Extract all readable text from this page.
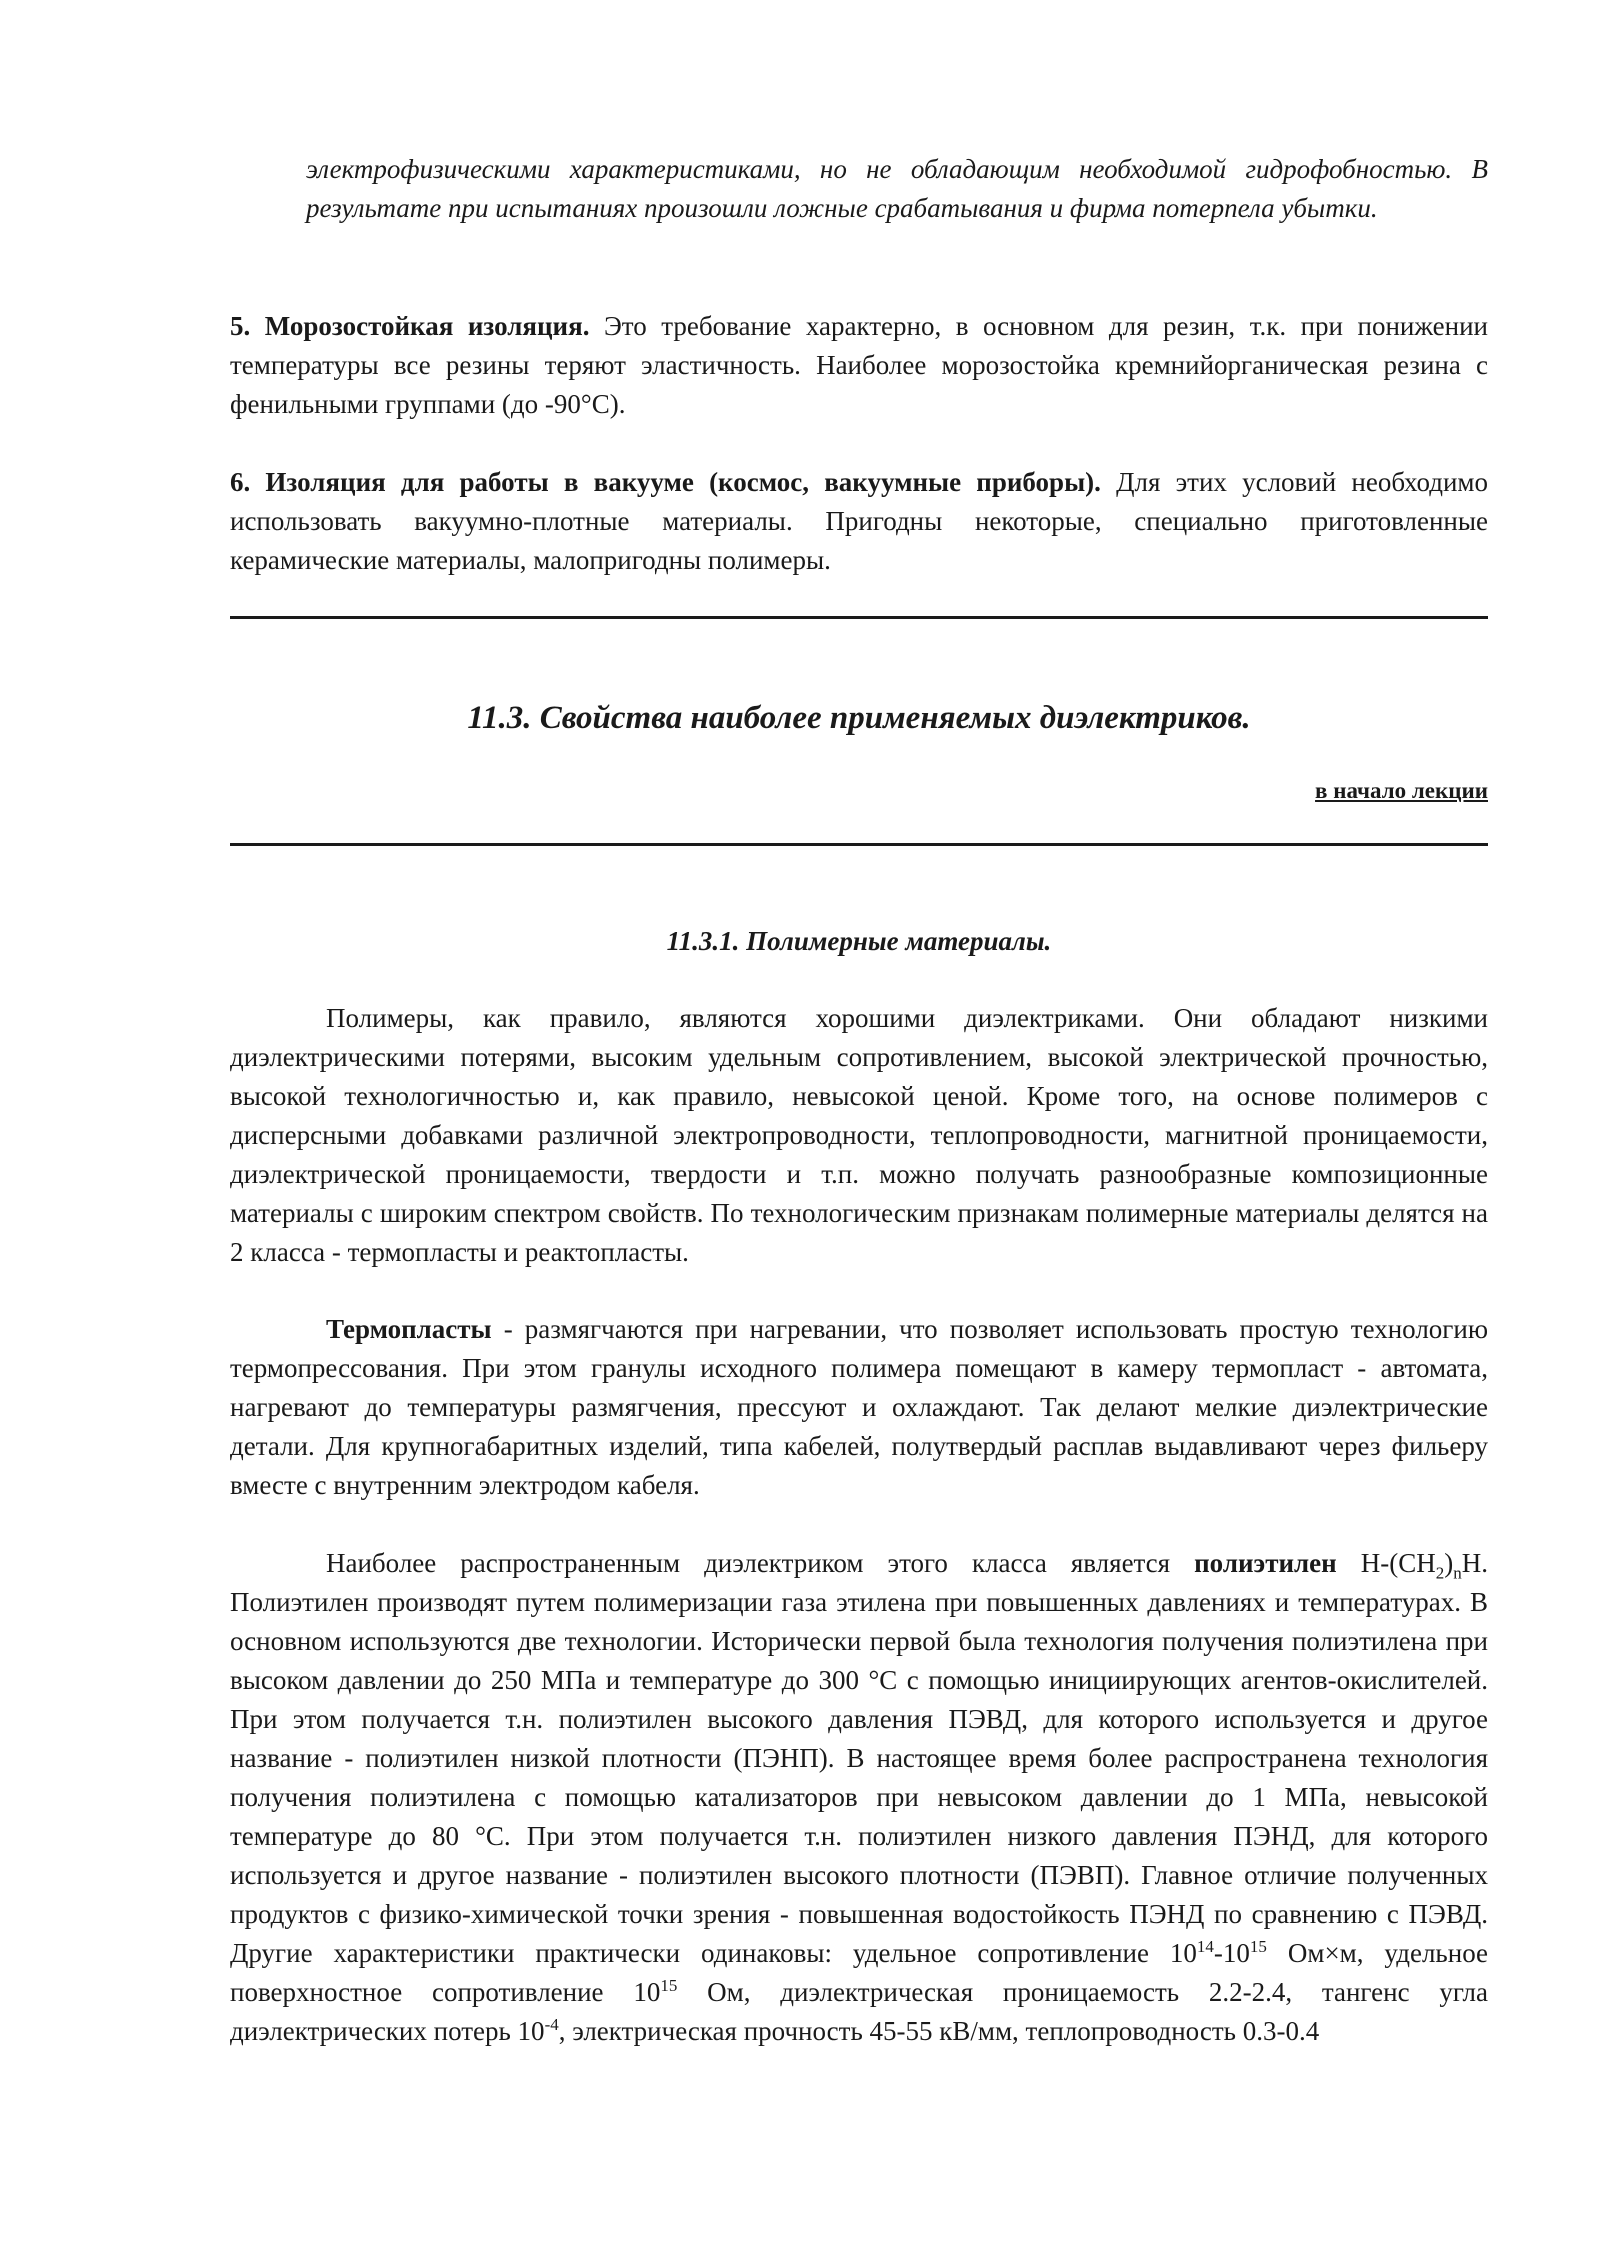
электрофизическими характеристиками, но не обладающим необходимой гидрофобностью. В результате при испытаниях произошли ложные срабатывания и фирма потерпела убытки.

5. Морозостойкая изоляция. Это требование характерно, в основном для резин, т.к. при понижении температуры все резины теряют эластичность. Наиболее морозостойка кремнийорганическая резина с фенильными группами (до -90°С).

6. Изоляция для работы в вакууме (космос, вакуумные приборы). Для этих условий необходимо использовать вакуумно-плотные материалы. Пригодны некоторые, специально приготовленные керамические материалы, малопригодны полимеры.

11.3. Свойства наиболее применяемых диэлектриков.
в начало лекции
11.3.1. Полимерные материалы.

Полимеры, как правило, являются хорошими диэлектриками. Они обладают низкими диэлектрическими потерями, высоким удельным сопротивлением, высокой электрической прочностью, высокой технологичностью и, как правило, невысокой ценой. Кроме того, на основе полимеров с дисперсными добавками различной электропроводности, теплопроводности, магнитной проницаемости, диэлектрической проницаемости, твердости и т.п. можно получать разнообразные композиционные материалы с широким спектром свойств. По технологическим признакам полимерные материалы делятся на 2 класса - термопласты и реактопласты.

Термопласты - размягчаются при нагревании, что позволяет использовать простую технологию термопрессования. При этом гранулы исходного полимера помещают в камеру термопласт - автомата, нагревают до температуры размягчения, прессуют и охлаждают. Так делают мелкие диэлектрические детали. Для крупногабаритных изделий, типа кабелей, полутвердый расплав выдавливают через фильеру вместе с внутренним электродом кабеля.

Наиболее распространенным диэлектриком этого класса является полиэтилен $H-(CH_2)_nH$. Полиэтилен производят путем полимеризации газа этилена при повышенных давлениях и температурах. В основном используются две технологии. Исторически первой была технология получения полиэтилена при высоком давлении до 250 МПа и температуре до 300 °С с помощью инициирующих агентов-окислителей. При этом получается т.н. полиэтилен высокого давления ПЭВД, для которого используется и другое название - полиэтилен низкой плотности (ПЭНП). В настоящее время более распространена технология получения полиэтилена с помощью катализаторов при невысоком давлении до 1 МПа, невысокой температуре до 80 °С. При этом получается т.н. полиэтилен низкого давления ПЭНД, для которого используется и другое название - полиэтилен высокого плотности (ПЭВП). Главное отличие полученных продуктов с физико-химической точки зрения - повышенная водостойкость ПЭНД по сравнению с ПЭВД. Другие характеристики практически одинаковы: удельное сопротивление $10^{14}-10^{15}$ Ом×м, удельное поверхностное сопротивление $10^{15}$ Ом, диэлектрическая проницаемость 2.2-2.4, тангенс угла диэлектрических потерь $10^{-4}$, электрическая прочность 45-55 кВ/мм, теплопроводность 0.3-0.4
